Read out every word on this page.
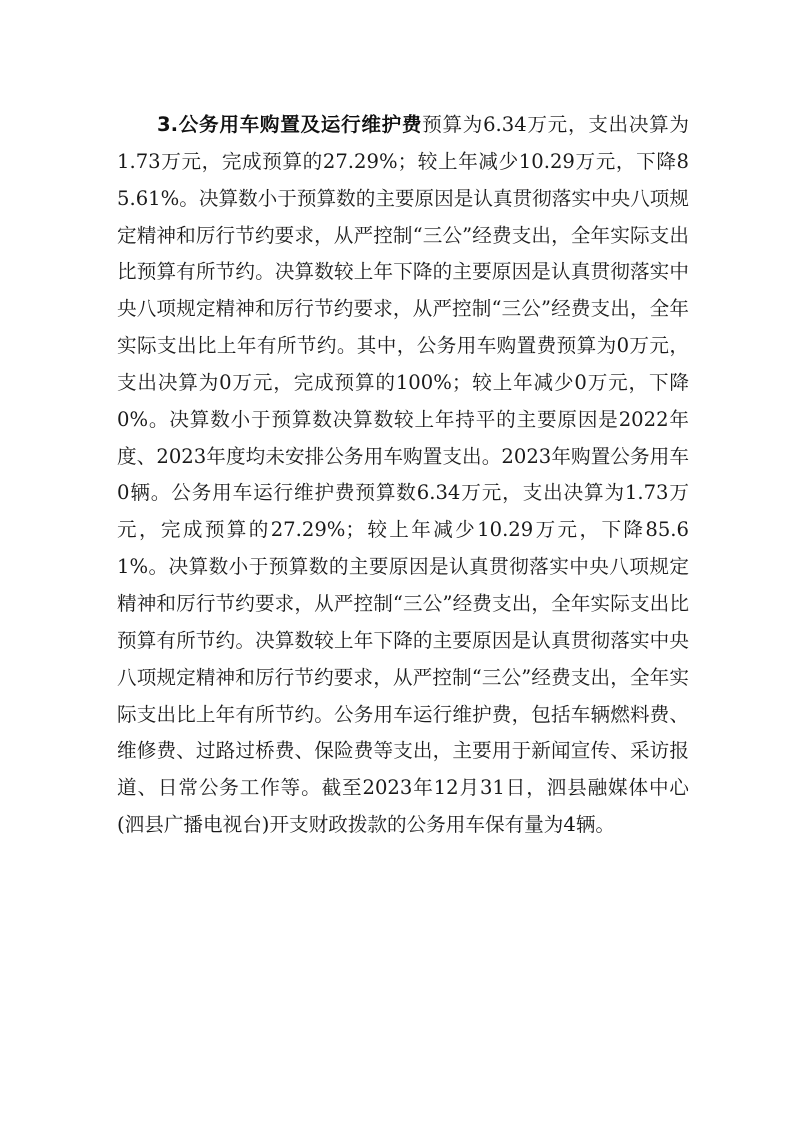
3.公务用车购置及运行维护费预算为6.34万元，支出决算为1.73万元，完成预算的27.29%；较上年减少10.29万元，下降85.61%。决算数小于预算数的主要原因是认真贯彻落实中央八项规定精神和厉行节约要求，从严控制“三公”经费支出，全年实际支出比预算有所节约。决算数较上年下降的主要原因是认真贯彻落实中央八项规定精神和厉行节约要求，从严控制“三公”经费支出，全年实际支出比上年有所节约。其中，公务用车购置费预算为0万元，支出决算为0万元，完成预算的100%；较上年减少0万元，下降0%。决算数小于预算数决算数较上年持平的主要原因是2022年度、2023年度均未安排公务用车购置支出。2023年购置公务用车0辆。公务用车运行维护费预算数6.34万元，支出决算为1.73万元，完成预算的27.29%；较上年减少10.29万元，下降85.61%。决算数小于预算数的主要原因是认真贯彻落实中央八项规定精神和厉行节约要求，从严控制“三公”经费支出，全年实际支出比预算有所节约。决算数较上年下降的主要原因是认真贯彻落实中央八项规定精神和厉行节约要求，从严控制“三公”经费支出，全年实际支出比上年有所节约。公务用车运行维护费，包括车辆燃料费、维修费、过路过桥费、保险费等支出，主要用于新闻宣传、采访报道、日常公务工作等。截至2023年12月31日，泗县融媒体中心(泗县广播电视台)开支财政拨款的公务用车保有量为4辆。
